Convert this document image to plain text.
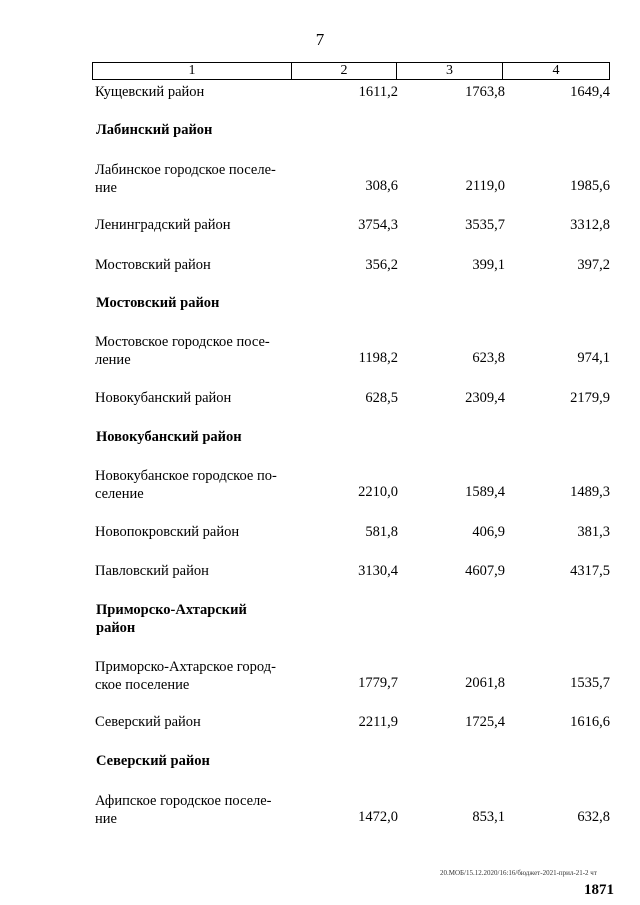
7
1	2	3	4
Кущевский район	1611,2	1763,8	1649,4
Лабинский район
Лабинское городское поселе-
ние	308,6	2119,0	1985,6
Ленинградский район	3754,3	3535,7	3312,8
Мостовский район	356,2	399,1	397,2
Мостовский район
Мостовское городское посе-
ление	1198,2	623,8	974,1
Новокубанский район	628,5	2309,4	2179,9
Новокубанский район
Новокубанское городское по-
селение	2210,0	1589,4	1489,3
Новопокровский район	581,8	406,9	381,3
Павловский район	3130,4	4607,9	4317,5
Приморско-Ахтарский
район
Приморско-Ахтарское город-
ское поселение	1779,7	2061,8	1535,7
Северский район	2211,9	1725,4	1616,6
Северский район
Афипское городское поселе-
ние	1472,0	853,1	632,8
20.МОБ/15.12.2020/16:16/бюджет-2021-прил-21-2 чт
1871
